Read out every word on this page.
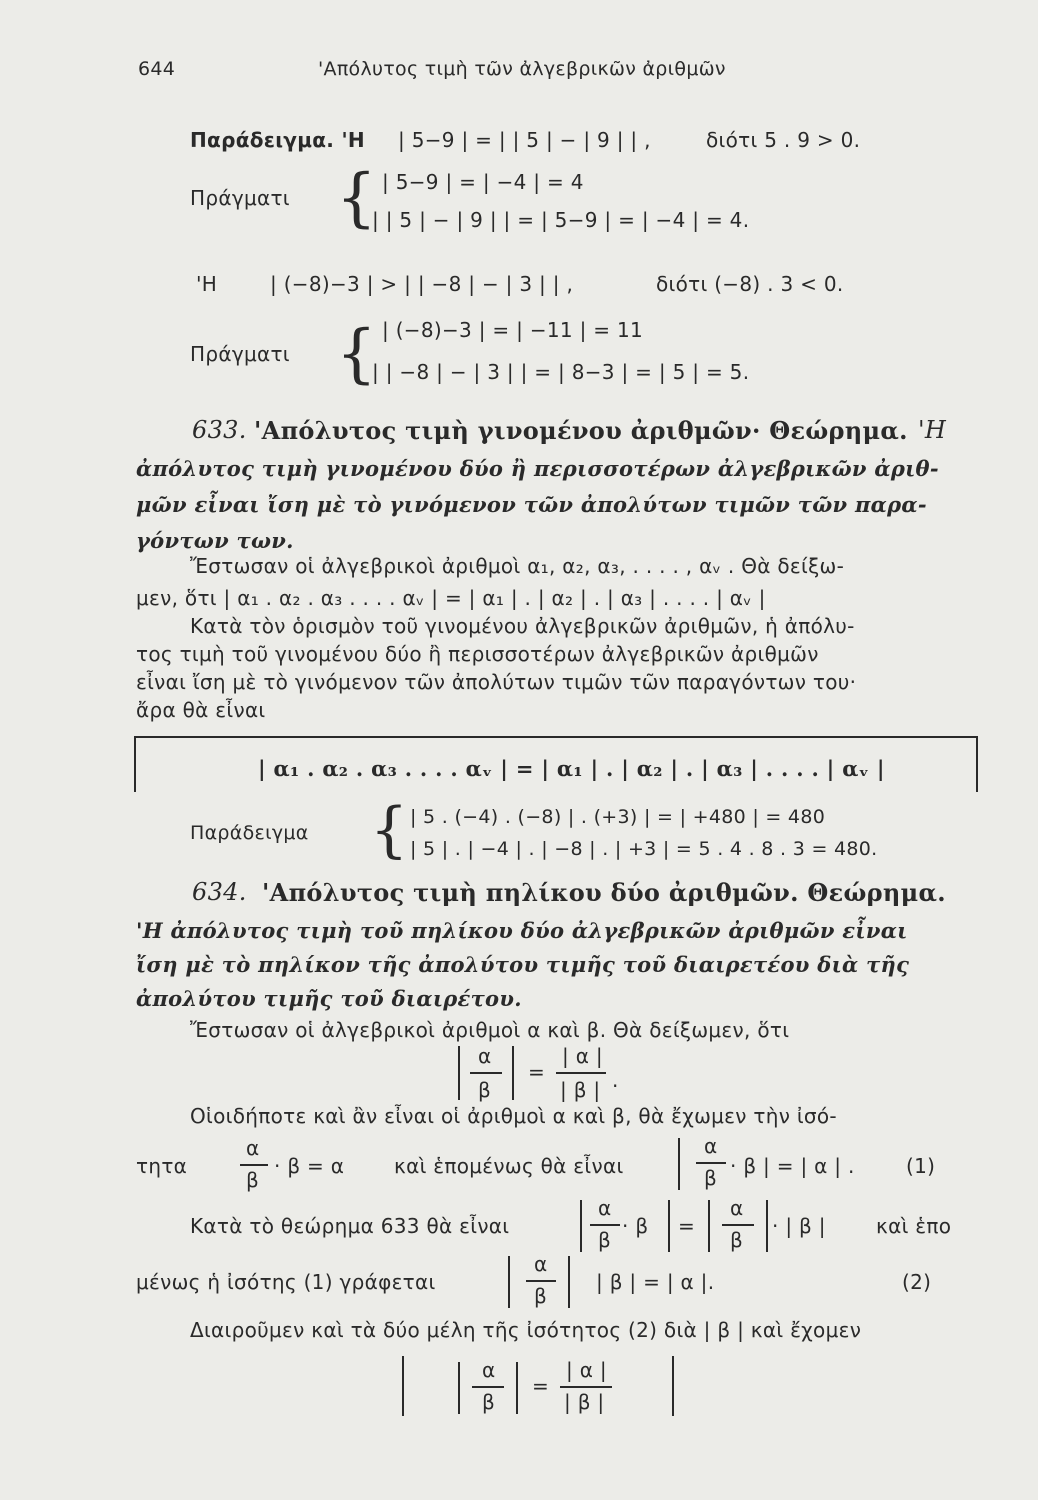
644	'Απόλυτος τιμὴ τῶν ἀλγεβρικῶν ἀριθμῶν
Παράδειγμα. 'Η | 5−9 | = | | 5 | − | 9 | | ,	διότι 5 . 9 > 0.
Πράγματι { | 5−9 | = | −4 | = 4
| | 5 | − | 9 | | = | 5−9 | = | −4 | = 4.
'Η	| (−8)−3 | > | | −8 | − | 3 | | ,	διότι (−8) . 3 < 0.
Πράγματι { | (−8)−3 | = | −11 | = 11
| | −8 | − | 3 | | = | 8−3 | = | 5 | = 5.
633. 'Απόλυτος τιμὴ γινομένου ἀριθμῶν· Θεώρημα. 'Η
ἀπόλυτος τιμὴ γινομένου δύο ἢ περισσοτέρων ἀλγεβρικῶν ἀριθ-
μῶν εἶναι ἴση μὲ τὸ γινόμενον τῶν ἀπολύτων τιμῶν τῶν παρα-
γόντων των.
Ἔστωσαν οἱ ἀλγεβρικοὶ ἀριθμοὶ α₁, α₂, α₃, . . . . , αᵥ . Θὰ δείξω-
μεν, ὅτι | α₁ . α₂ . α₃ . . . . αᵥ | = | α₁ | . | α₂ | . | α₃ | . . . . | αᵥ |
Κατὰ τὸν ὁρισμὸν τοῦ γινομένου ἀλγεβρικῶν ἀριθμῶν, ἡ ἀπόλυ-
τος τιμὴ τοῦ γινομένου δύο ἢ περισσοτέρων ἀλγεβρικῶν ἀριθμῶν
εἶναι ἴση μὲ τὸ γινόμενον τῶν ἀπολύτων τιμῶν τῶν παραγόντων του·
ἄρα θὰ εἶναι
| α₁ . α₂ . α₃ . . . . αᵥ | = | α₁ | . | α₂ | . | α₃ | . . . . | αᵥ |
Παράδειγμα { | 5 . (−4) . (−8) | . (+3) | = | +480 | = 480
| 5 | . | −4 | . | −8 | . | +3 | = 5 . 4 . 8 . 3 = 480.
634. 'Απόλυτος τιμὴ πηλίκου δύο ἀριθμῶν. Θεώρημα.
'Η ἀπόλυτος τιμὴ τοῦ πηλίκου δύο ἀλγεβρικῶν ἀριθμῶν εἶναι
ἴση μὲ τὸ πηλίκον τῆς ἀπολύτου τιμῆς τοῦ διαιρετέου διὰ τῆς
ἀπολύτου τιμῆς τοῦ διαιρέτου.
Ἔστωσαν οἱ ἀλγεβρικοὶ ἀριθμοὶ α καὶ β. Θὰ δείξωμεν, ὅτι
α
β
=
| α |
| β | .
Οἱοιδήποτε καὶ ἂν εἶναι οἱ ἀριθμοὶ α καὶ β, θὰ ἔχωμεν τὴν ἰσό-
τητα
α
β
· β = α καὶ ἑπομένως θὰ εἶναι
α
β · β | = | α | .	(1)
Κατὰ τὸ θεώρημα 633 θὰ εἶναι
α
β
· β =
α
β
· | β |	καὶ ἑπο
μένως ἡ ἰσότης (1) γράφεται
α
β
| β | = | α |.	(2)
Διαιροῦμεν καὶ τὰ δύο μέλη τῆς ἰσότητος (2) διὰ | β | καὶ ἔχομεν
α
β
=
| α |
| β |
